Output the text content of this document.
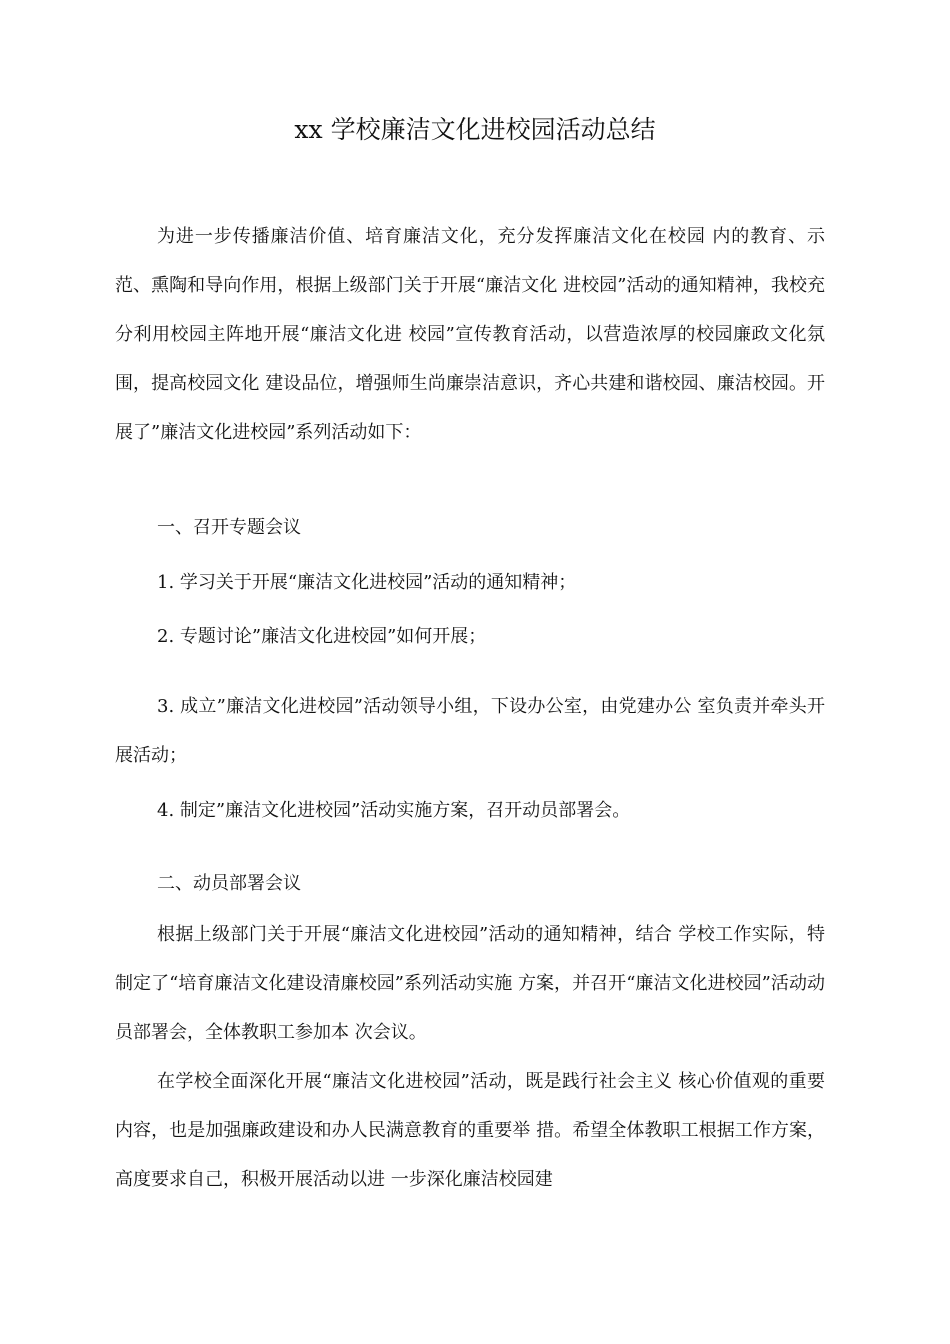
xx 学校廉洁文化进校园活动总结

为进一步传播廉洁价值、培育廉洁文化，充分发挥廉洁文化在校园 内的教育、示范、熏陶和导向作用，根据上级部门关于开展“廉洁文化 进校园”活动的通知精神，我校充分利用校园主阵地开展“廉洁文化进 校园”宣传教育活动，以营造浓厚的校园廉政文化氛围，提高校园文化 建设品位，增强师生尚廉崇洁意识，齐心共建和谐校园、廉洁校园。开 展了”廉洁文化进校园”系列活动如下：

一、召开专题会议

1. 学习关于开展“廉洁文化进校园”活动的通知精神；

2. 专题讨论”廉洁文化进校园”如何开展；

3. 成立”廉洁文化进校园”活动领导小组，下设办公室，由党建办公 室负责并牵头开展活动；

4. 制定”廉洁文化进校园”活动实施方案，召开动员部署会。

二、动员部署会议

根据上级部门关于开展“廉洁文化进校园”活动的通知精神，结合 学校工作实际，特制定了“培育廉洁文化建设清廉校园”系列活动实施 方案，并召开“廉洁文化进校园”活动动员部署会，全体教职工参加本 次会议。

在学校全面深化开展“廉洁文化进校园”活动，既是践行社会主义 核心价值观的重要内容，也是加强廉政建设和办人民满意教育的重要举 措。希望全体教职工根据工作方案，高度要求自己，积极开展活动以进 一步深化廉洁校园建
